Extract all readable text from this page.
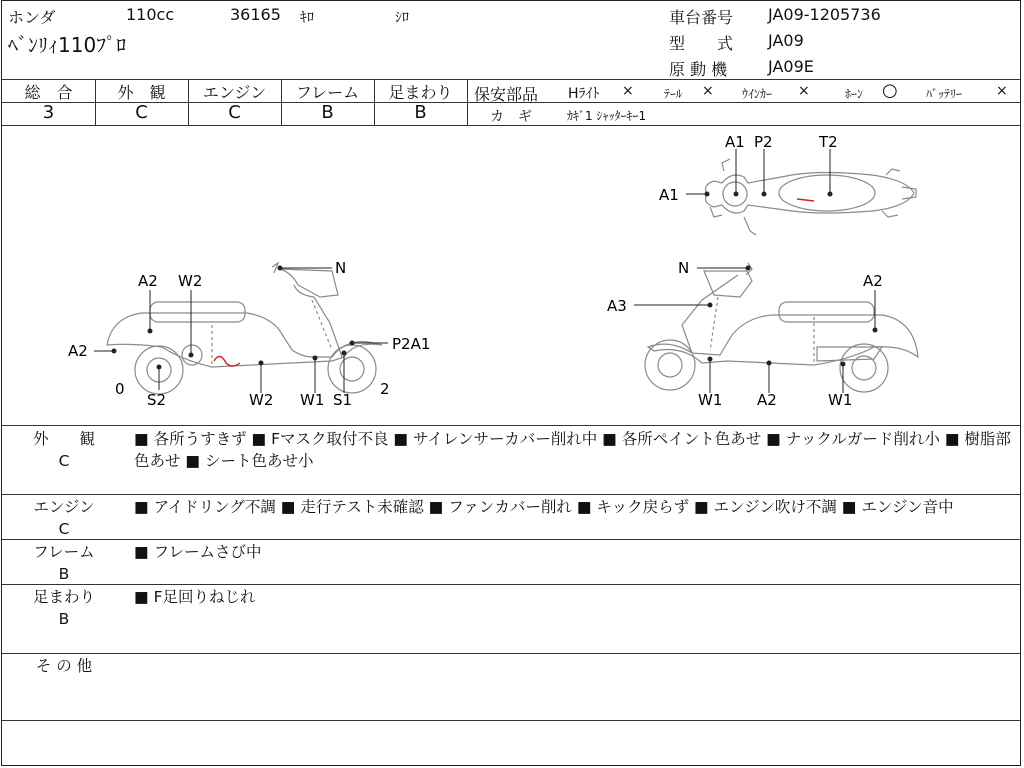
ホンダ	110cc	36165 ｷﾛ	ｼﾛ
ﾍﾞﾝﾘｨ110ﾌﾟﾛ
車台番号 JA09-1205736
型　　式 JA09
原 動 機	JA09E
総　合	外　観	エンジン	フレーム	足まわり
3	C	C	B	B
保安部品 Hﾗｲﾄ ×	ﾃｰﾙ × ｳｲﾝｶｰ ×	ﾎｰﾝ ○ ﾊﾞｯﾃﾘｰ ×
カ　ギ	ｶｷﾞ1 ｼｬｯﾀｰｷｰ1
A1 P2	T2
A1
A2 W2
N
A2	P2A1
0
S2	W2 W1 S1
2
N
A2
A3
W1 A2	W1
外　　観
C
■ 各所うすきず ■ Fマスク取付不良 ■ サイレンサーカバー削れ中 ■ 各所ペイント色あせ ■ ナックルガード削れ小 ■ 樹脂部色あせ ■ シート色あせ小
エンジン
C
■ アイドリング不調 ■ 走行テスト未確認 ■ ファンカバー削れ ■ キック戻らず ■ エンジン吹け不調 ■ エンジン音中
フレーム
B
■ フレームさび中
足まわり
B
■ F足回りねじれ
そ の 他
